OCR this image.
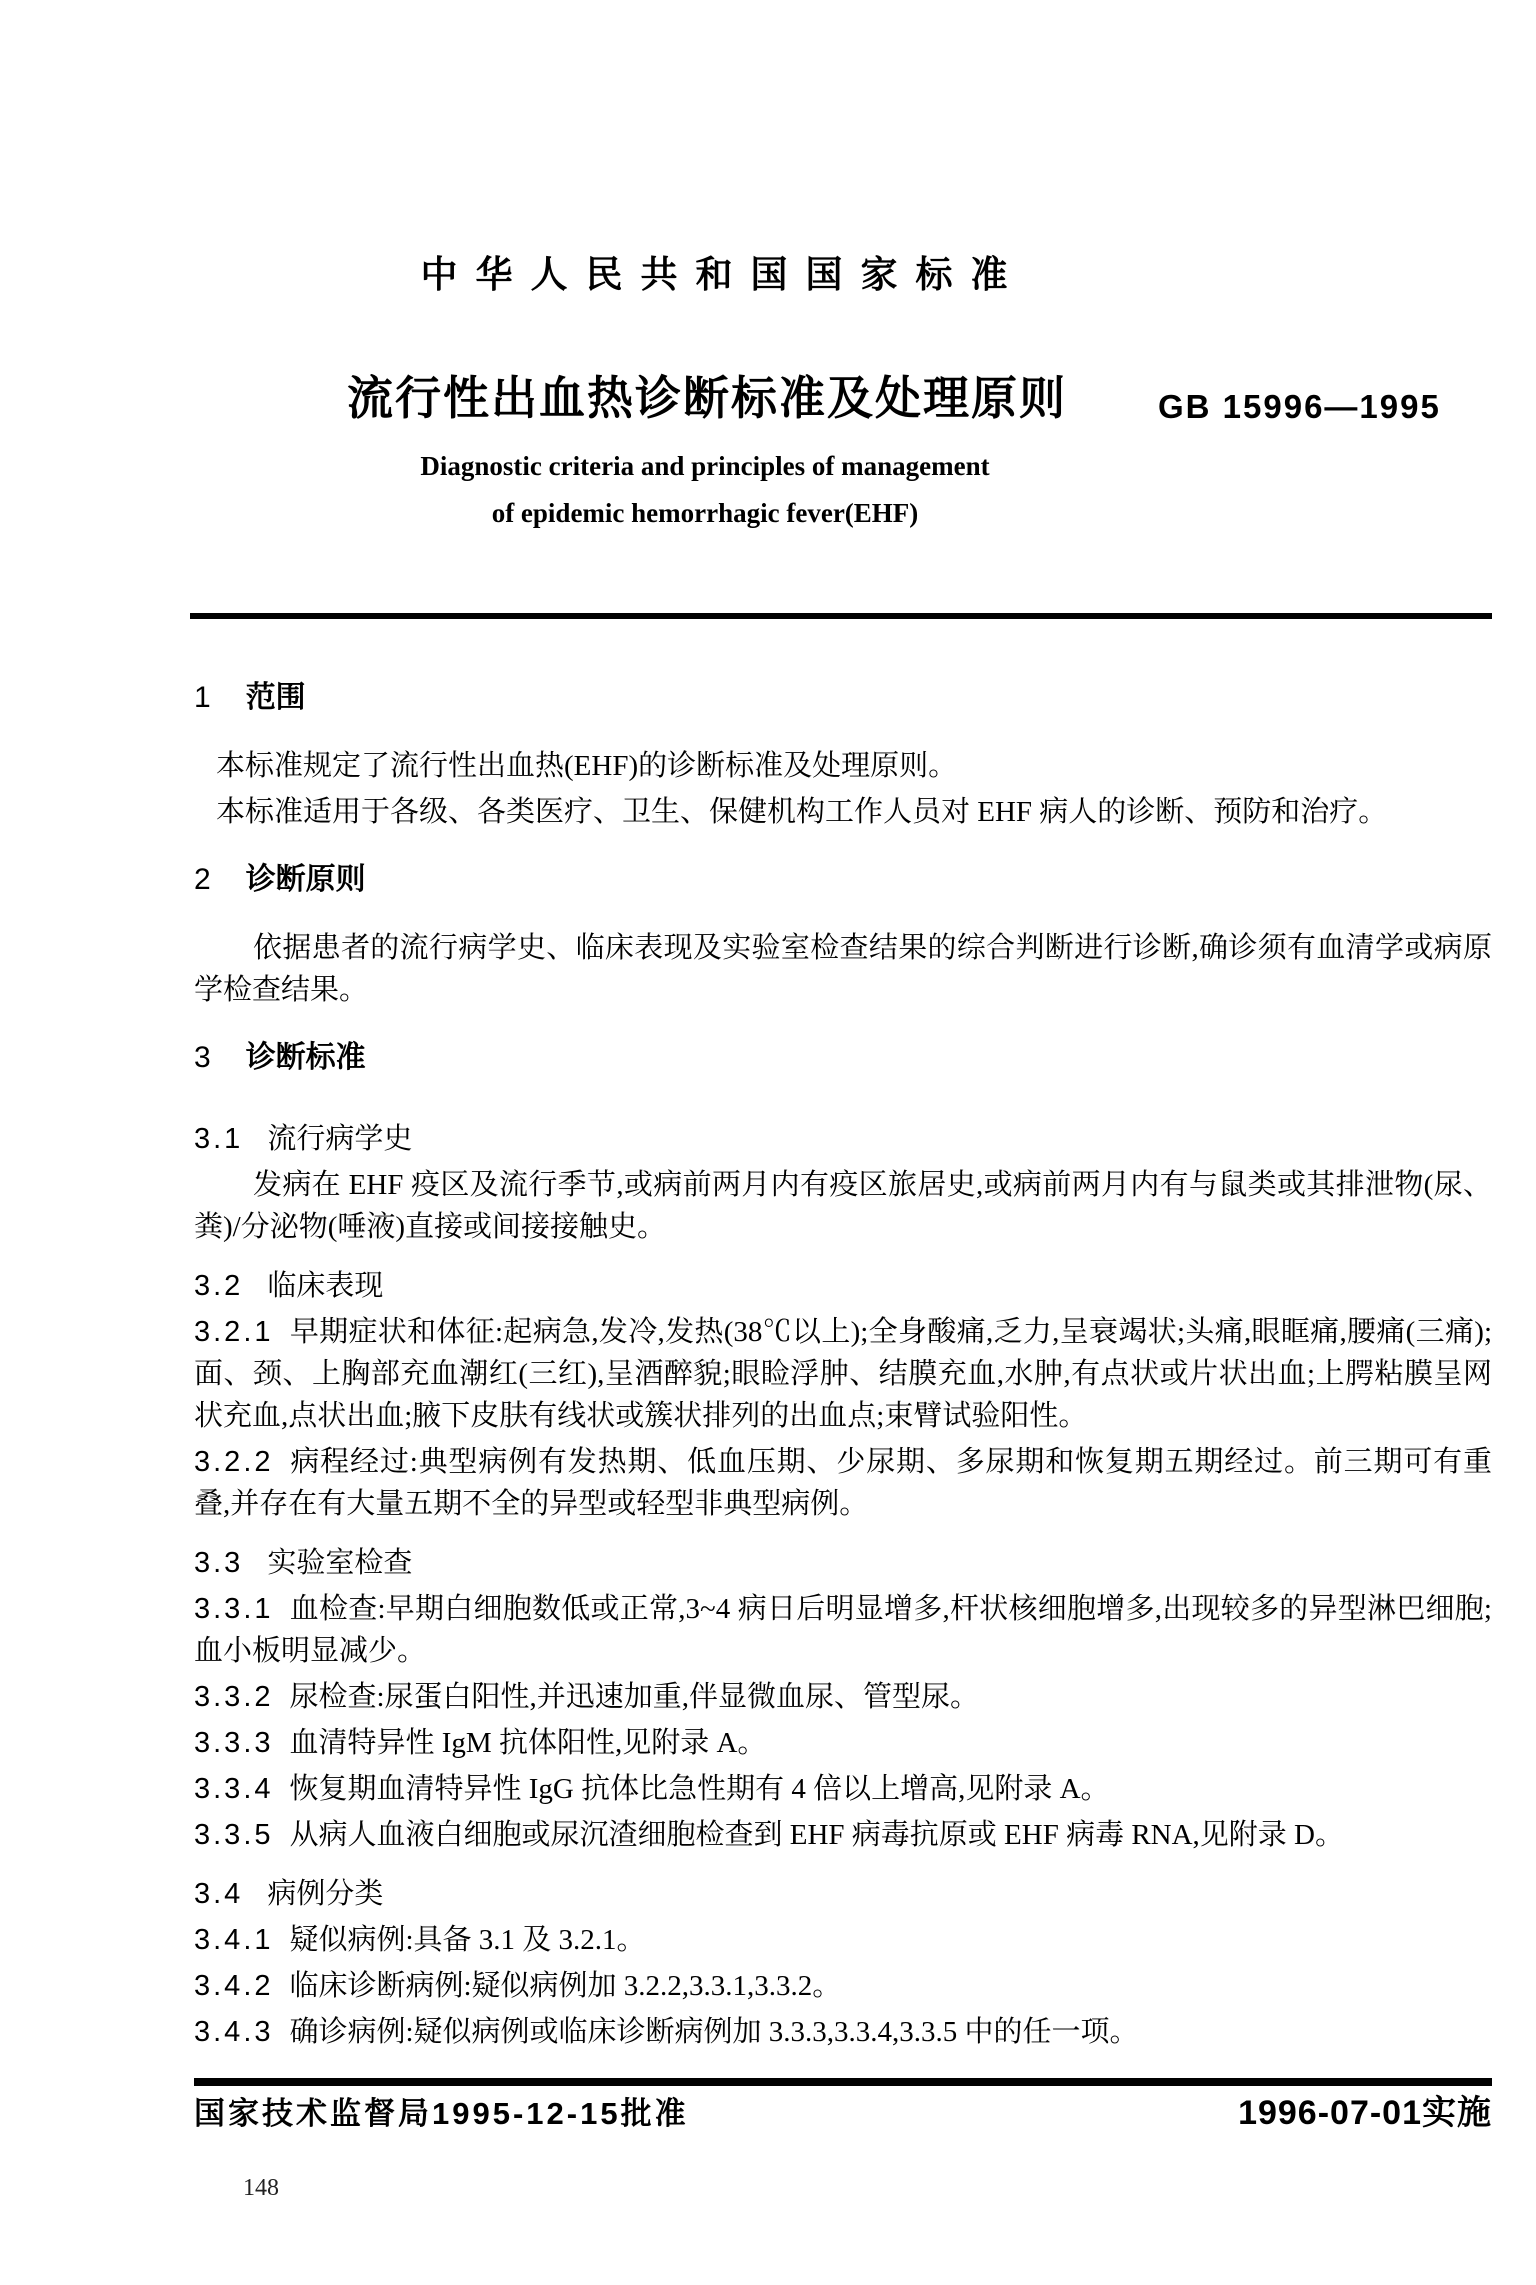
中华人民共和国国家标准
流行性出血热诊断标准及处理原则	GB 15996—1995
Diagnostic criteria and principles of management
of epidemic hemorrhagic fever(EHF)
1 范围

本标准规定了流行性出血热(EHF)的诊断标准及处理原则。

本标准适用于各级、各类医疗、卫生、保健机构工作人员对 EHF 病人的诊断、预防和治疗。

2 诊断原则

依据患者的流行病学史、临床表现及实验室检查结果的综合判断进行诊断,确诊须有血清学或病原学检查结果。

3 诊断标准
3.1 流行病学史

发病在 EHF 疫区及流行季节,或病前两月内有疫区旅居史,或病前两月内有与鼠类或其排泄物(尿、粪)/分泌物(唾液)直接或间接接触史。

3.2 临床表现

3.2.1 早期症状和体征:起病急,发冷,发热(38℃以上);全身酸痛,乏力,呈衰竭状;头痛,眼眶痛,腰痛(三痛);面、颈、上胸部充血潮红(三红),呈酒醉貌;眼睑浮肿、结膜充血,水肿,有点状或片状出血;上腭粘膜呈网状充血,点状出血;腋下皮肤有线状或簇状排列的出血点;束臂试验阳性。

3.2.2 病程经过:典型病例有发热期、低血压期、少尿期、多尿期和恢复期五期经过。前三期可有重叠,并存在有大量五期不全的异型或轻型非典型病例。

3.3 实验室检查

3.3.1 血检查:早期白细胞数低或正常,3~4 病日后明显增多,杆状核细胞增多,出现较多的异型淋巴细胞;血小板明显减少。

3.3.2 尿检查:尿蛋白阳性,并迅速加重,伴显微血尿、管型尿。

3.3.3 血清特异性 IgM 抗体阳性,见附录 A。

3.3.4 恢复期血清特异性 IgG 抗体比急性期有 4 倍以上增高,见附录 A。

3.3.5 从病人血液白细胞或尿沉渣细胞检查到 EHF 病毒抗原或 EHF 病毒 RNA,见附录 D。

3.4 病例分类

3.4.1 疑似病例:具备 3.1 及 3.2.1。

3.4.2 临床诊断病例:疑似病例加 3.2.2,3.3.1,3.3.2。

3.4.3 确诊病例:疑似病例或临床诊断病例加 3.3.3,3.3.4,3.3.5 中的任一项。

国家技术监督局1995-12-15批准	1996-07-01实施
148
